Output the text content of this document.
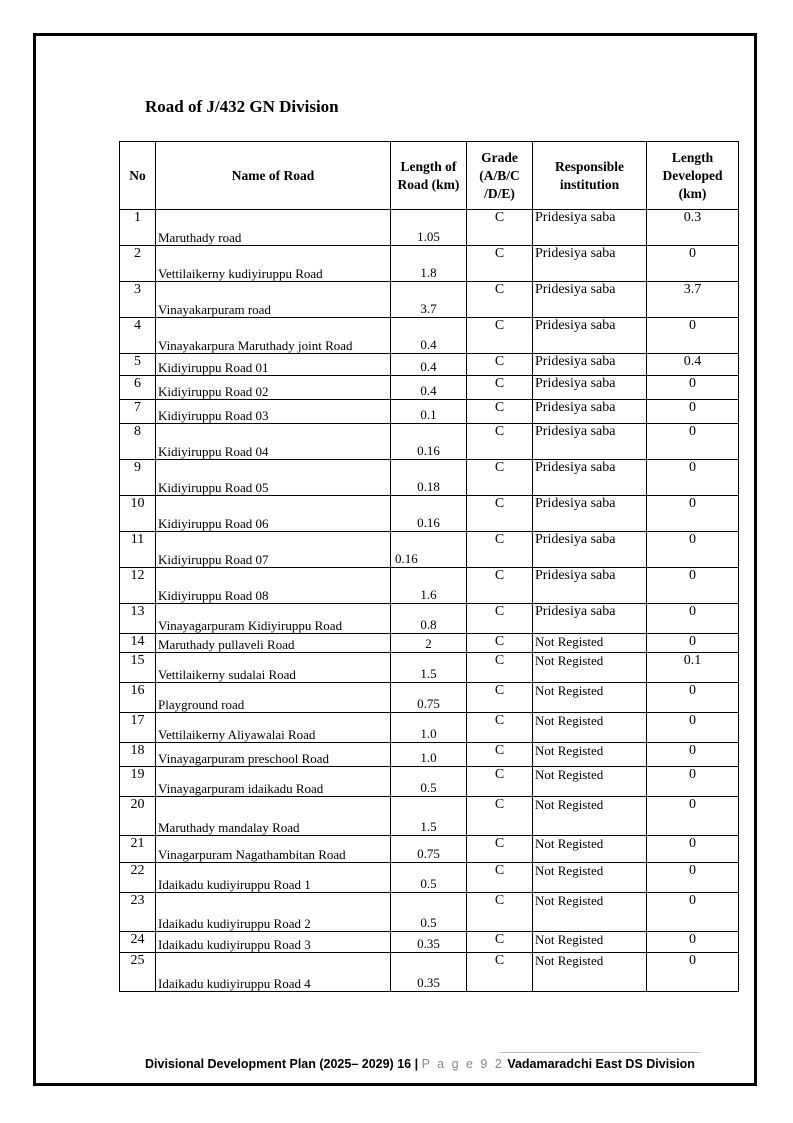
Road of J/432 GN Division
No	Name of Road	Length of Road (km)	Grade (A/B/C /D/E)	Responsible institution	Length Developed (km)
1	Maruthady road	1.05	C	Pridesiya saba	0.3
2	Vettilaikerny kudiyiruppu Road	1.8	C	Pridesiya saba	0
3	Vinayakarpuram road	3.7	C	Pridesiya saba	3.7
4	Vinayakarpura Maruthady joint Road	0.4	C	Pridesiya saba	0
5	Kidiyiruppu Road 01	0.4	C	Pridesiya saba	0.4
6	Kidiyiruppu Road 02	0.4	C	Pridesiya saba	0
7	Kidiyiruppu Road 03	0.1	C	Pridesiya saba	0
8	Kidiyiruppu Road 04	0.16	C	Pridesiya saba	0
9	Kidiyiruppu Road 05	0.18	C	Pridesiya saba	0
10	Kidiyiruppu Road 06	0.16	C	Pridesiya saba	0
11	Kidiyiruppu Road 07	0.16	C	Pridesiya saba	0
12	Kidiyiruppu Road 08	1.6	C	Pridesiya saba	0
13	Vinayagarpuram Kidiyiruppu Road	0.8	C	Pridesiya saba	0
14	Maruthady pullaveli Road	2	C	Not Registed	0
15	Vettilaikerny sudalai Road	1.5	C	Not Registed	0.1
16	Playground road	0.75	C	Not Registed	0
17	Vettilaikerny Aliyawalai Road	1.0	C	Not Registed	0
18	Vinayagarpuram preschool Road	1.0	C	Not Registed	0
19	Vinayagarpuram idaikadu Road	0.5	C	Not Registed	0
20	Maruthady mandalay Road	1.5	C	Not Registed	0
21	Vinagarpuram Nagathambitan Road	0.75	C	Not Registed	0
22	Idaikadu kudiyiruppu Road 1	0.5	C	Not Registed	0
23	Idaikadu kudiyiruppu Road 2	0.5	C	Not Registed	0
24	Idaikadu kudiyiruppu Road 3	0.35	C	Not Registed	0
25	Idaikadu kudiyiruppu Road 4	0.35	C	Not Registed	0
Divisional Development Plan (2025– 2029) 16 | P a g e 9 2 Vadamaradchi East DS Division
